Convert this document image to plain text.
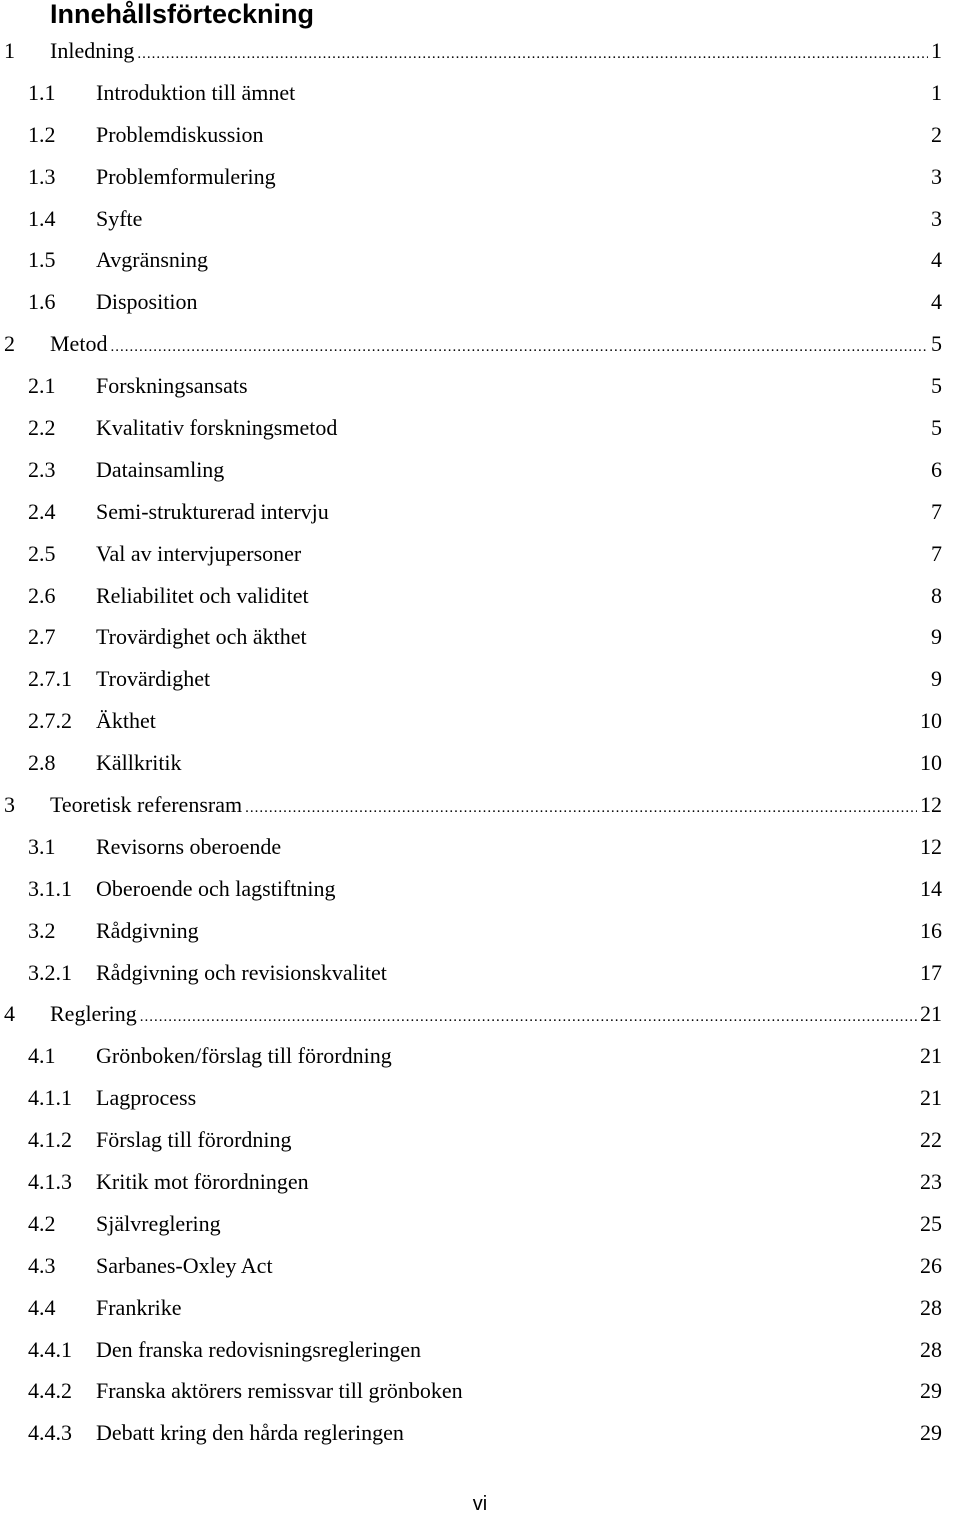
Innehållsförteckning
1 Inledning .....	1
1.1 Introduktion till ämnet	1
1.2 Problemdiskussion	2
1.3 Problemformulering	3
1.4 Syfte	3
1.5 Avgränsning	4
1.6 Disposition	4
2 Metod .....	5
2.1 Forskningsansats	5
2.2 Kvalitativ forskningsmetod	5
2.3 Datainsamling	6
2.4 Semi-strukturerad intervju	7
2.5 Val av intervjupersoner	7
2.6 Reliabilitet och validitet	8
2.7 Trovärdighet och äkthet	9
2.7.1 Trovärdighet	9
2.7.2 Äkthet	10
2.8 Källkritik	10
3 Teoretisk referensram .....	12
3.1 Revisorns oberoende	12
3.1.1 Oberoende och lagstiftning	14
3.2 Rådgivning	16
3.2.1 Rådgivning och revisionskvalitet	17
4 Reglering .....	21
4.1 Grönboken/förslag till förordning	21
4.1.1 Lagprocess	21
4.1.2 Förslag till förordning	22
4.1.3 Kritik mot förordningen	23
4.2 Självreglering	25
4.3 Sarbanes-Oxley Act	26
4.4 Frankrike	28
4.4.1 Den franska redovisningsregleringen	28
4.4.2 Franska aktörers remissvar till grönboken	29
4.4.3 Debatt kring den hårda regleringen	29
vi
